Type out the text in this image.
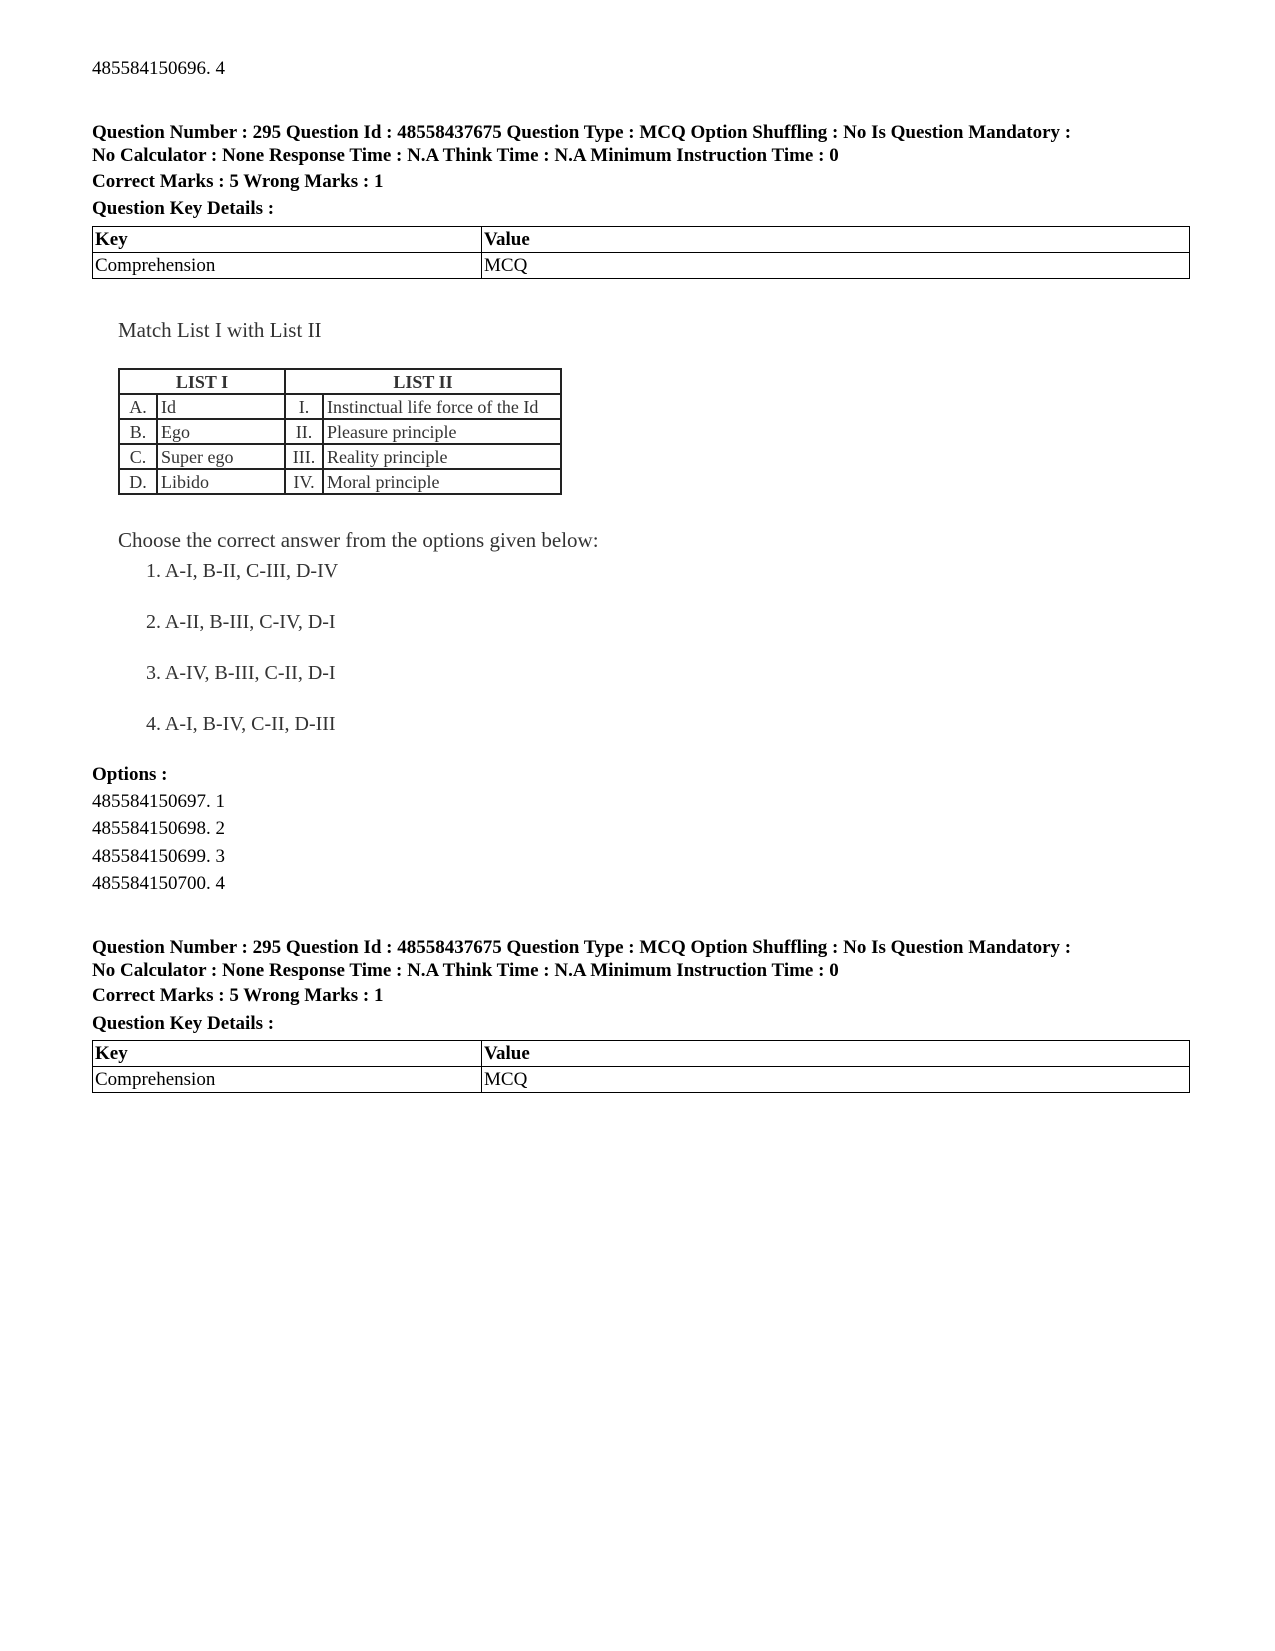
485584150696. 4
Question Number : 295 Question Id : 48558437675 Question Type : MCQ Option Shuffling : No Is Question Mandatory :
No Calculator : None Response Time : N.A Think Time : N.A Minimum Instruction Time : 0
Correct Marks : 5 Wrong Marks : 1
Question Key Details :
Key	Value
Comprehension	MCQ
Match List I with List II
LIST I		LIST II	
A.	Id	I.	Instinctual life force of the Id
B.	Ego	II.	Pleasure principle
C.	Super ego	III.	Reality principle
D.	Libido	IV.	Moral principle
Choose the correct answer from the options given below:
1. A-I, B-II, C-III, D-IV
2. A-II, B-III, C-IV, D-I
3. A-IV, B-III, C-II, D-I
4. A-I, B-IV, C-II, D-III
Options :
485584150697. 1
485584150698. 2
485584150699. 3
485584150700. 4
Question Number : 295 Question Id : 48558437675 Question Type : MCQ Option Shuffling : No Is Question Mandatory :
No Calculator : None Response Time : N.A Think Time : N.A Minimum Instruction Time : 0
Correct Marks : 5 Wrong Marks : 1
Question Key Details :
Key	Value
Comprehension	MCQ
